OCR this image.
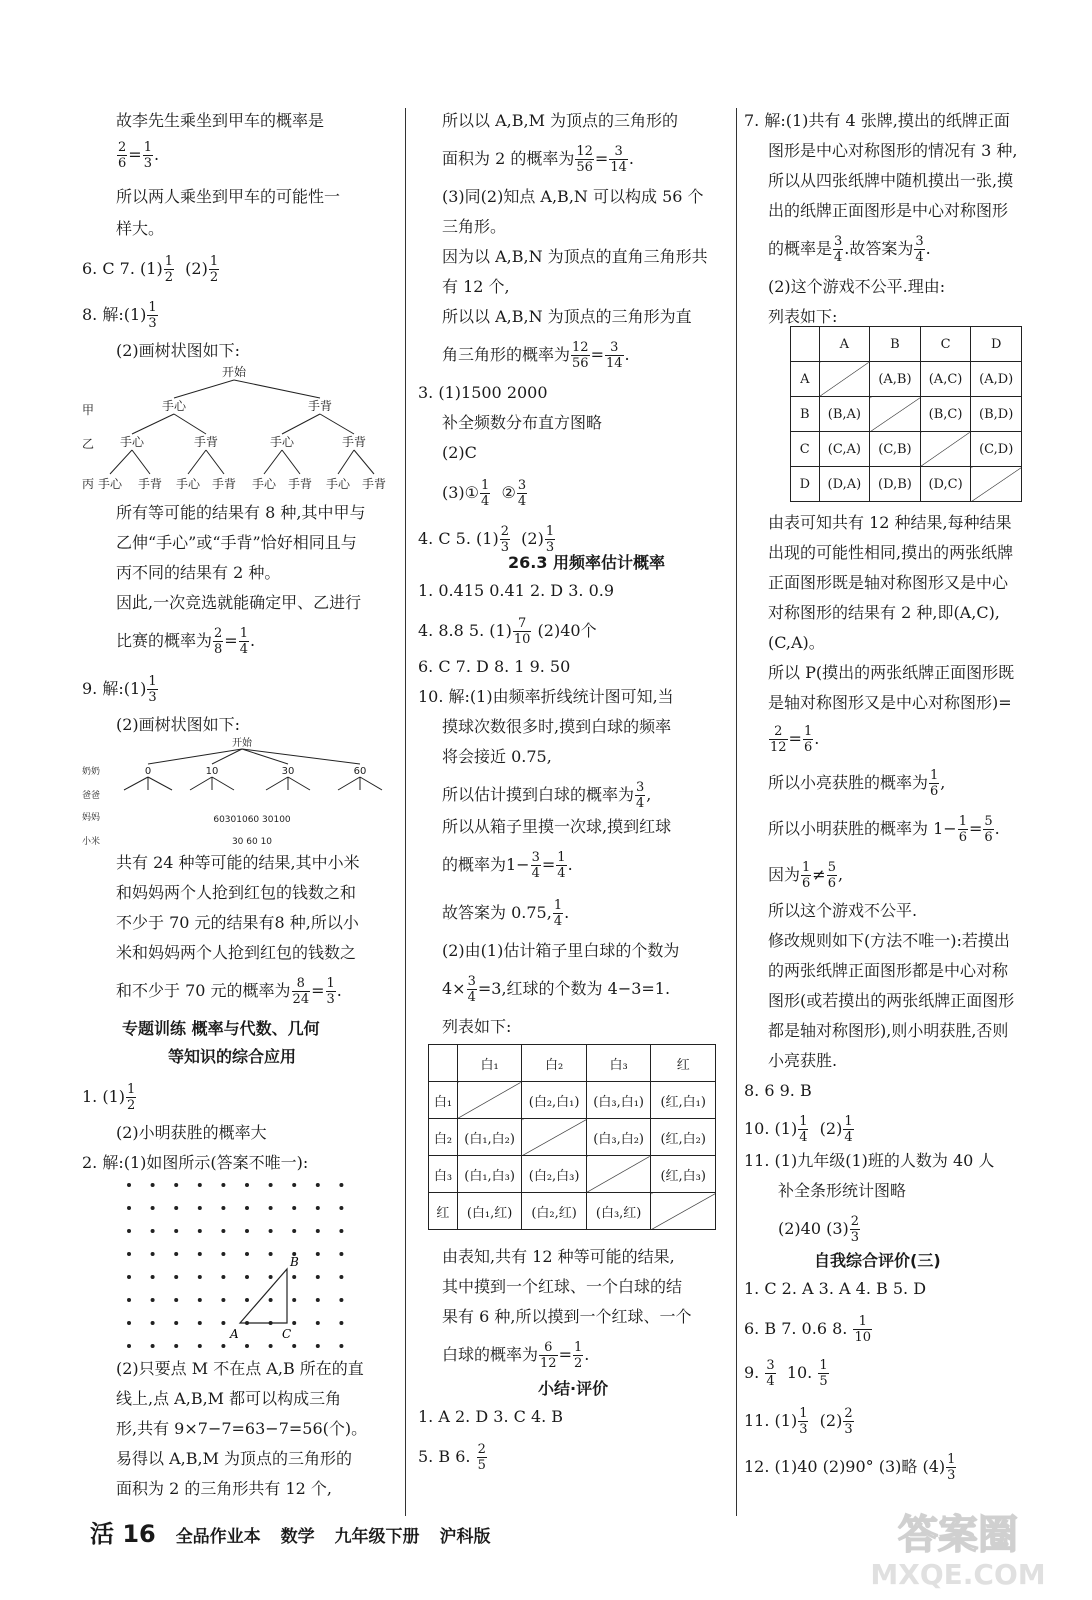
故李先生乘坐到甲车的概率是
$\frac{2}{6} = \frac{1}{3}$ .
所以两人乘坐到甲车的可能性一
样大。
6. C 7. $(1) \frac{1}{2} (2) \frac{1}{2}$
8. 解:(1) $\frac{1}{3}$
(2)画树状图如下:
开始
甲
乙
丙
手心	手背
手心	手背	手心	手背
手心 手背 手心 手背 手心 手背 手心 手背
所有等可能的结果有 8 种,其中甲与
乙伸“手心”或“手背”恰好相同且与
丙不同的结果有 2 种。
因此,一次竞选就能确定甲、乙进行
比赛的概率为 $\frac{2}{8} = \frac{1}{4}$ .
9. 解:(1) $\frac{1}{3}$
(2)画树状图如下:
开始
奶奶
爸爸
妈妈
小米
0	10	30	60
60301060 30100
30 60 10
共有 24 种等可能的结果,其中小米
和妈妈两个人抢到红包的钱数之和
不少于 70 元的结果有8 种,所以小
米和妈妈两个人抢到红包的钱数之
和不少于 70 元的概率为 $\frac{8}{24} = \frac{1}{3}$ .
专题训练 概率与代数、几何
等知识的综合应用
1. $(1) \frac{1}{2}$
(2)小明获胜的概率大
2. 解:(1)如图所示(答案不唯一):
A
B
C
(2)只要点 M 不在点 A,B 所在的直
线上,点 A,B,M 都可以构成三角
形,共有 9×7−7=63−7=56(个)。
易得以 A,B,M 为顶点的三角形的
面积为 2 的三角形共有 12 个,
所以以 A,B,M 为顶点的三角形的
面积为 2 的概率为 $\frac{12}{56} = \frac{3}{14}$ .
(3)同(2)知点 A,B,N 可以构成 56 个
三角形。
因为以 A,B,N 为顶点的直角三角形共
有 12 个,
所以以 A,B,N 为顶点的三角形为直
角三角形的概率为 $\frac{12}{56} = \frac{3}{14}$ .
3. (1)1500 2000
补全频数分布直方图略
(2)C
(3)① $\frac{1}{4}$ ② $\frac{3}{4}$
4. C 5. $(1) \frac{2}{3} (2) \frac{1}{3}$
26.3 用频率估计概率
1. 0.415 0.41 2. D 3. 0.9
4. 8.8 5. $(1) \frac{7}{10} (2)40$个
6. C 7. D 8. 1 9. 50
10. 解:(1)由频率折线统计图可知,当
摸球次数很多时,摸到白球的频率
将会接近 0.75,
所以估计摸到白球的概率为 $\frac{3}{4}$ ,
所以从箱子里摸一次球,摸到红球
的概率为$1- \frac{3}{4} = \frac{1}{4}$ .
故答案为 0.75, $\frac{1}{4}$ .
(2)由(1)估计箱子里白球的个数为
$4\times \frac{3}{4} =3$,红球的个数为 4−3=1.
列表如下:
	白₁	白₂	白₃	红
白₁		(白₂,白₁)	(白₃,白₁)	(红,白₁)
白₂	(白₁,白₂)		(白₃,白₂)	(红,白₂)
白₃	(白₁,白₃)	(白₂,白₃)		(红,白₃)
红	(白₁,红)	(白₂,红)	(白₃,红)	
由表知,共有 12 种等可能的结果,
其中摸到一个红球、一个白球的结
果有 6 种,所以摸到一个红球、一个
白球的概率为 $\frac{6}{12} = \frac{1}{2}$ .
小结·评价
1. A 2. D 3. C 4. B
5. B 6. $\frac{2}{5}$
7. 解:(1)共有 4 张牌,摸出的纸牌正面
图形是中心对称图形的情况有 3 种,
所以从四张纸牌中随机摸出一张,摸
出的纸牌正面图形是中心对称图形
的概率是 $\frac{3}{4}$ .故答案为 $\frac{3}{4}$ .
(2)这个游戏不公平.理由:
列表如下:
	A	B	C	D
A		(A,B)	(A,C)	(A,D)
B	(B,A)		(B,C)	(B,D)
C	(C,A)	(C,B)		(C,D)
D	(D,A)	(D,B)	(D,C)	
由表可知共有 12 种结果,每种结果
出现的可能性相同,摸出的两张纸牌
正面图形既是轴对称图形又是中心
对称图形的结果有 2 种,即(A,C),
(C,A)。
所以 P(摸出的两张纸牌正面图形既
是轴对称图形又是中心对称图形)=
$\frac{2}{12} = \frac{1}{6}$ .
所以小亮获胜的概率为 $\frac{1}{6}$ ,
所以小明获胜的概率为 $1- \frac{1}{6} = \frac{5}{6}$ .
因为 $\frac{1}{6} \ne \frac{5}{6}$ ,
所以这个游戏不公平.
修改规则如下(方法不唯一):若摸出
的两张纸牌正面图形都是中心对称
图形(或若摸出的两张纸牌正面图形
都是轴对称图形),则小明获胜,否则
小亮获胜.
8. 6 9. B
10. $(1) \frac{1}{4} (2) \frac{1}{4}$
11. (1)九年级(1)班的人数为 40 人
补全条形统计图略
(2)40 $(3) \frac{2}{3}$
自我综合评价(三)
1. C 2. A 3. A 4. B 5. D
6. B 7. 0.6 8. $\frac{1}{10}$
9. $\frac{3}{4} 10$. $\frac{1}{5}$
11. $(1) \frac{1}{3} (2) \frac{2}{3}$
12. (1)40 (2)90° (3)略 $(4) \frac{1}{3}$
活 16 全品作业本 数学 九年级下册 沪科版	答案圈
MXQE.COM
